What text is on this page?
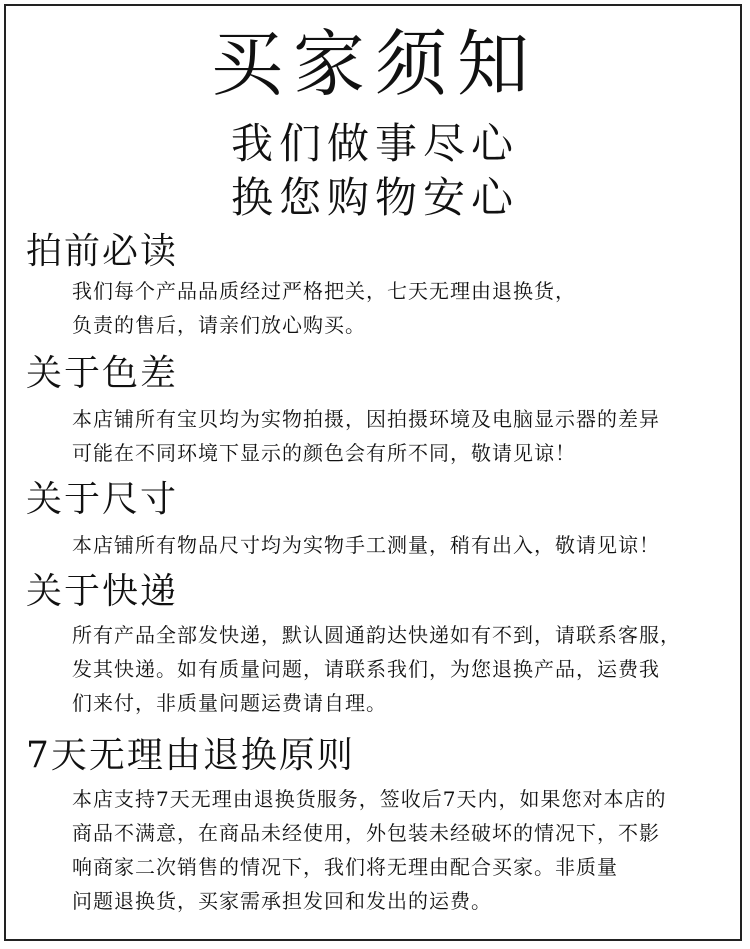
买家须知
我们做事尽心
换您购物安心
拍前必读
我们每个产品品质经过严格把关，七天无理由退换货，
负责的售后，请亲们放心购买。
关于色差
本店铺所有宝贝均为实物拍摄，因拍摄环境及电脑显示器的差异
可能在不同环境下显示的颜色会有所不同，敬请见谅！
关于尺寸
本店铺所有物品尺寸均为实物手工测量，稍有出入，敬请见谅！
关于快递
所有产品全部发快递，默认圆通韵达快递如有不到，请联系客服，
发其快递。如有质量问题，请联系我们，为您退换产品，运费我
们来付，非质量问题运费请自理。
7天无理由退换原则
本店支持7天无理由退换货服务，签收后7天内，如果您对本店的
商品不满意，在商品未经使用，外包装未经破坏的情况下，不影
响商家二次销售的情况下，我们将无理由配合买家。非质量
问题退换货，买家需承担发回和发出的运费。
